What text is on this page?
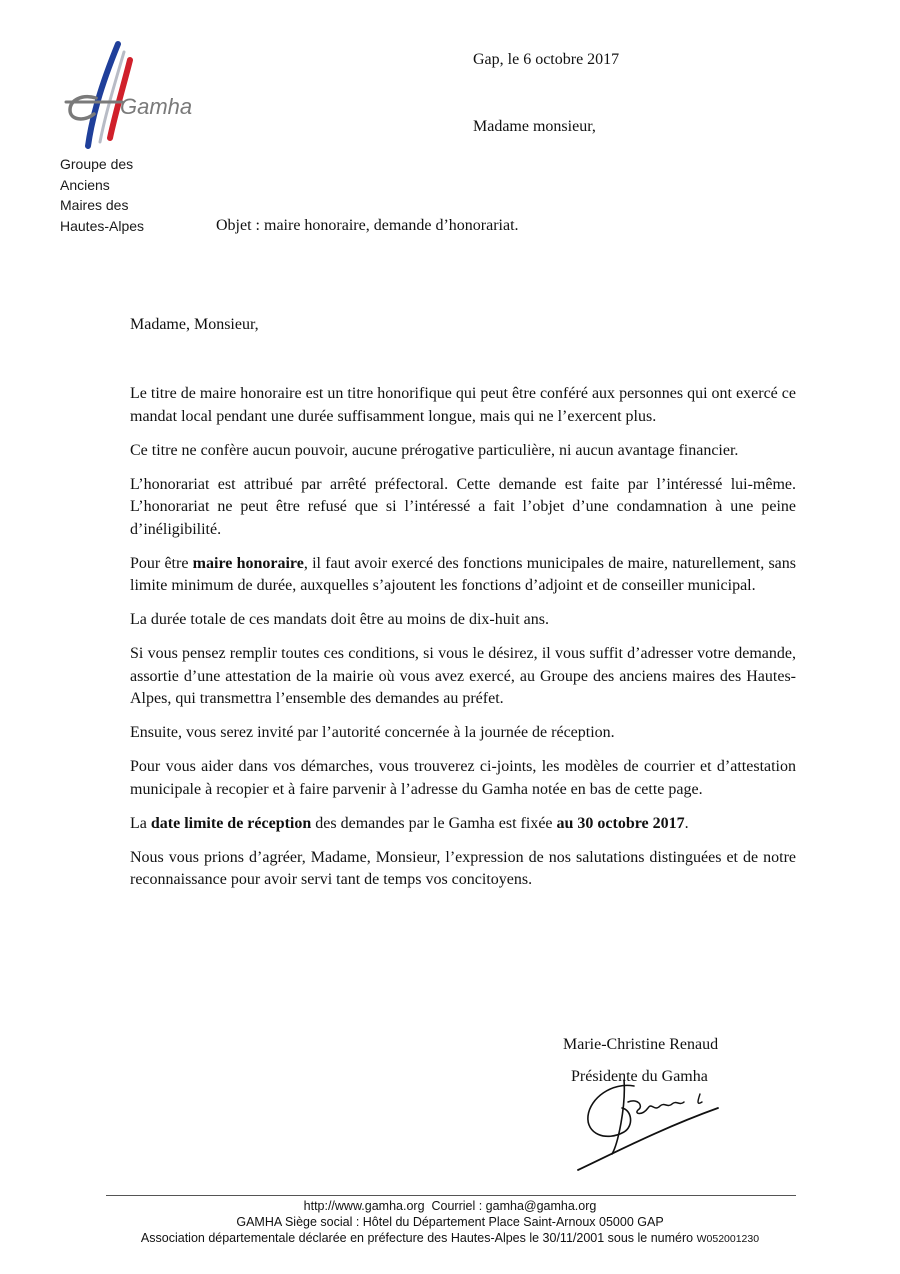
Gamha
Groupe des
Anciens
Maires des
Hautes-Alpes
Gap, le 6 octobre 2017
Madame monsieur,
Objet : maire honoraire, demande d’honorariat.
Madame, Monsieur,

Le titre de maire honoraire est un titre honorifique qui peut être conféré aux personnes qui ont exercé ce mandat local pendant une durée suffisamment longue, mais qui ne l’exercent plus.

Ce titre ne confère aucun pouvoir, aucune prérogative particulière, ni aucun avantage financier.

L’honorariat est attribué par arrêté préfectoral. Cette demande est faite par l’intéressé lui-même. L’honorariat ne peut être refusé que si l’intéressé a fait l’objet d’une condamnation à une peine d’inéligibilité.

Pour être maire honoraire, il faut avoir exercé des fonctions municipales de maire, naturellement, sans limite minimum de durée, auxquelles s’ajoutent les fonctions d’adjoint et de conseiller municipal.

La durée totale de ces mandats doit être au moins de dix-huit ans.

Si vous pensez remplir toutes ces conditions, si vous le désirez, il vous suffit d’adresser votre demande, assortie d’une attestation de la mairie où vous avez exercé, au Groupe des anciens maires des Hautes-Alpes, qui transmettra l’ensemble des demandes au préfet.

Ensuite, vous serez invité par l’autorité concernée à la journée de réception.

Pour vous aider dans vos démarches, vous trouverez ci-joints, les modèles de courrier et d’attestation municipale à recopier et à faire parvenir à l’adresse du Gamha notée en bas de cette page.

La date limite de réception des demandes par le Gamha est fixée au 30 octobre 2017.

Nous vous prions d’agréer, Madame, Monsieur, l’expression de nos salutations distinguées et de notre reconnaissance pour avoir servi tant de temps vos concitoyens.

Marie-Christine Renaud
Présidente du Gamha
http://www.gamha.org Courriel : gamha@gamha.org
GAMHA Siège social : Hôtel du Département Place Saint-Arnoux 05000 GAP
Association départementale déclarée en préfecture des Hautes-Alpes le 30/11/2001 sous le numéro W052001230
